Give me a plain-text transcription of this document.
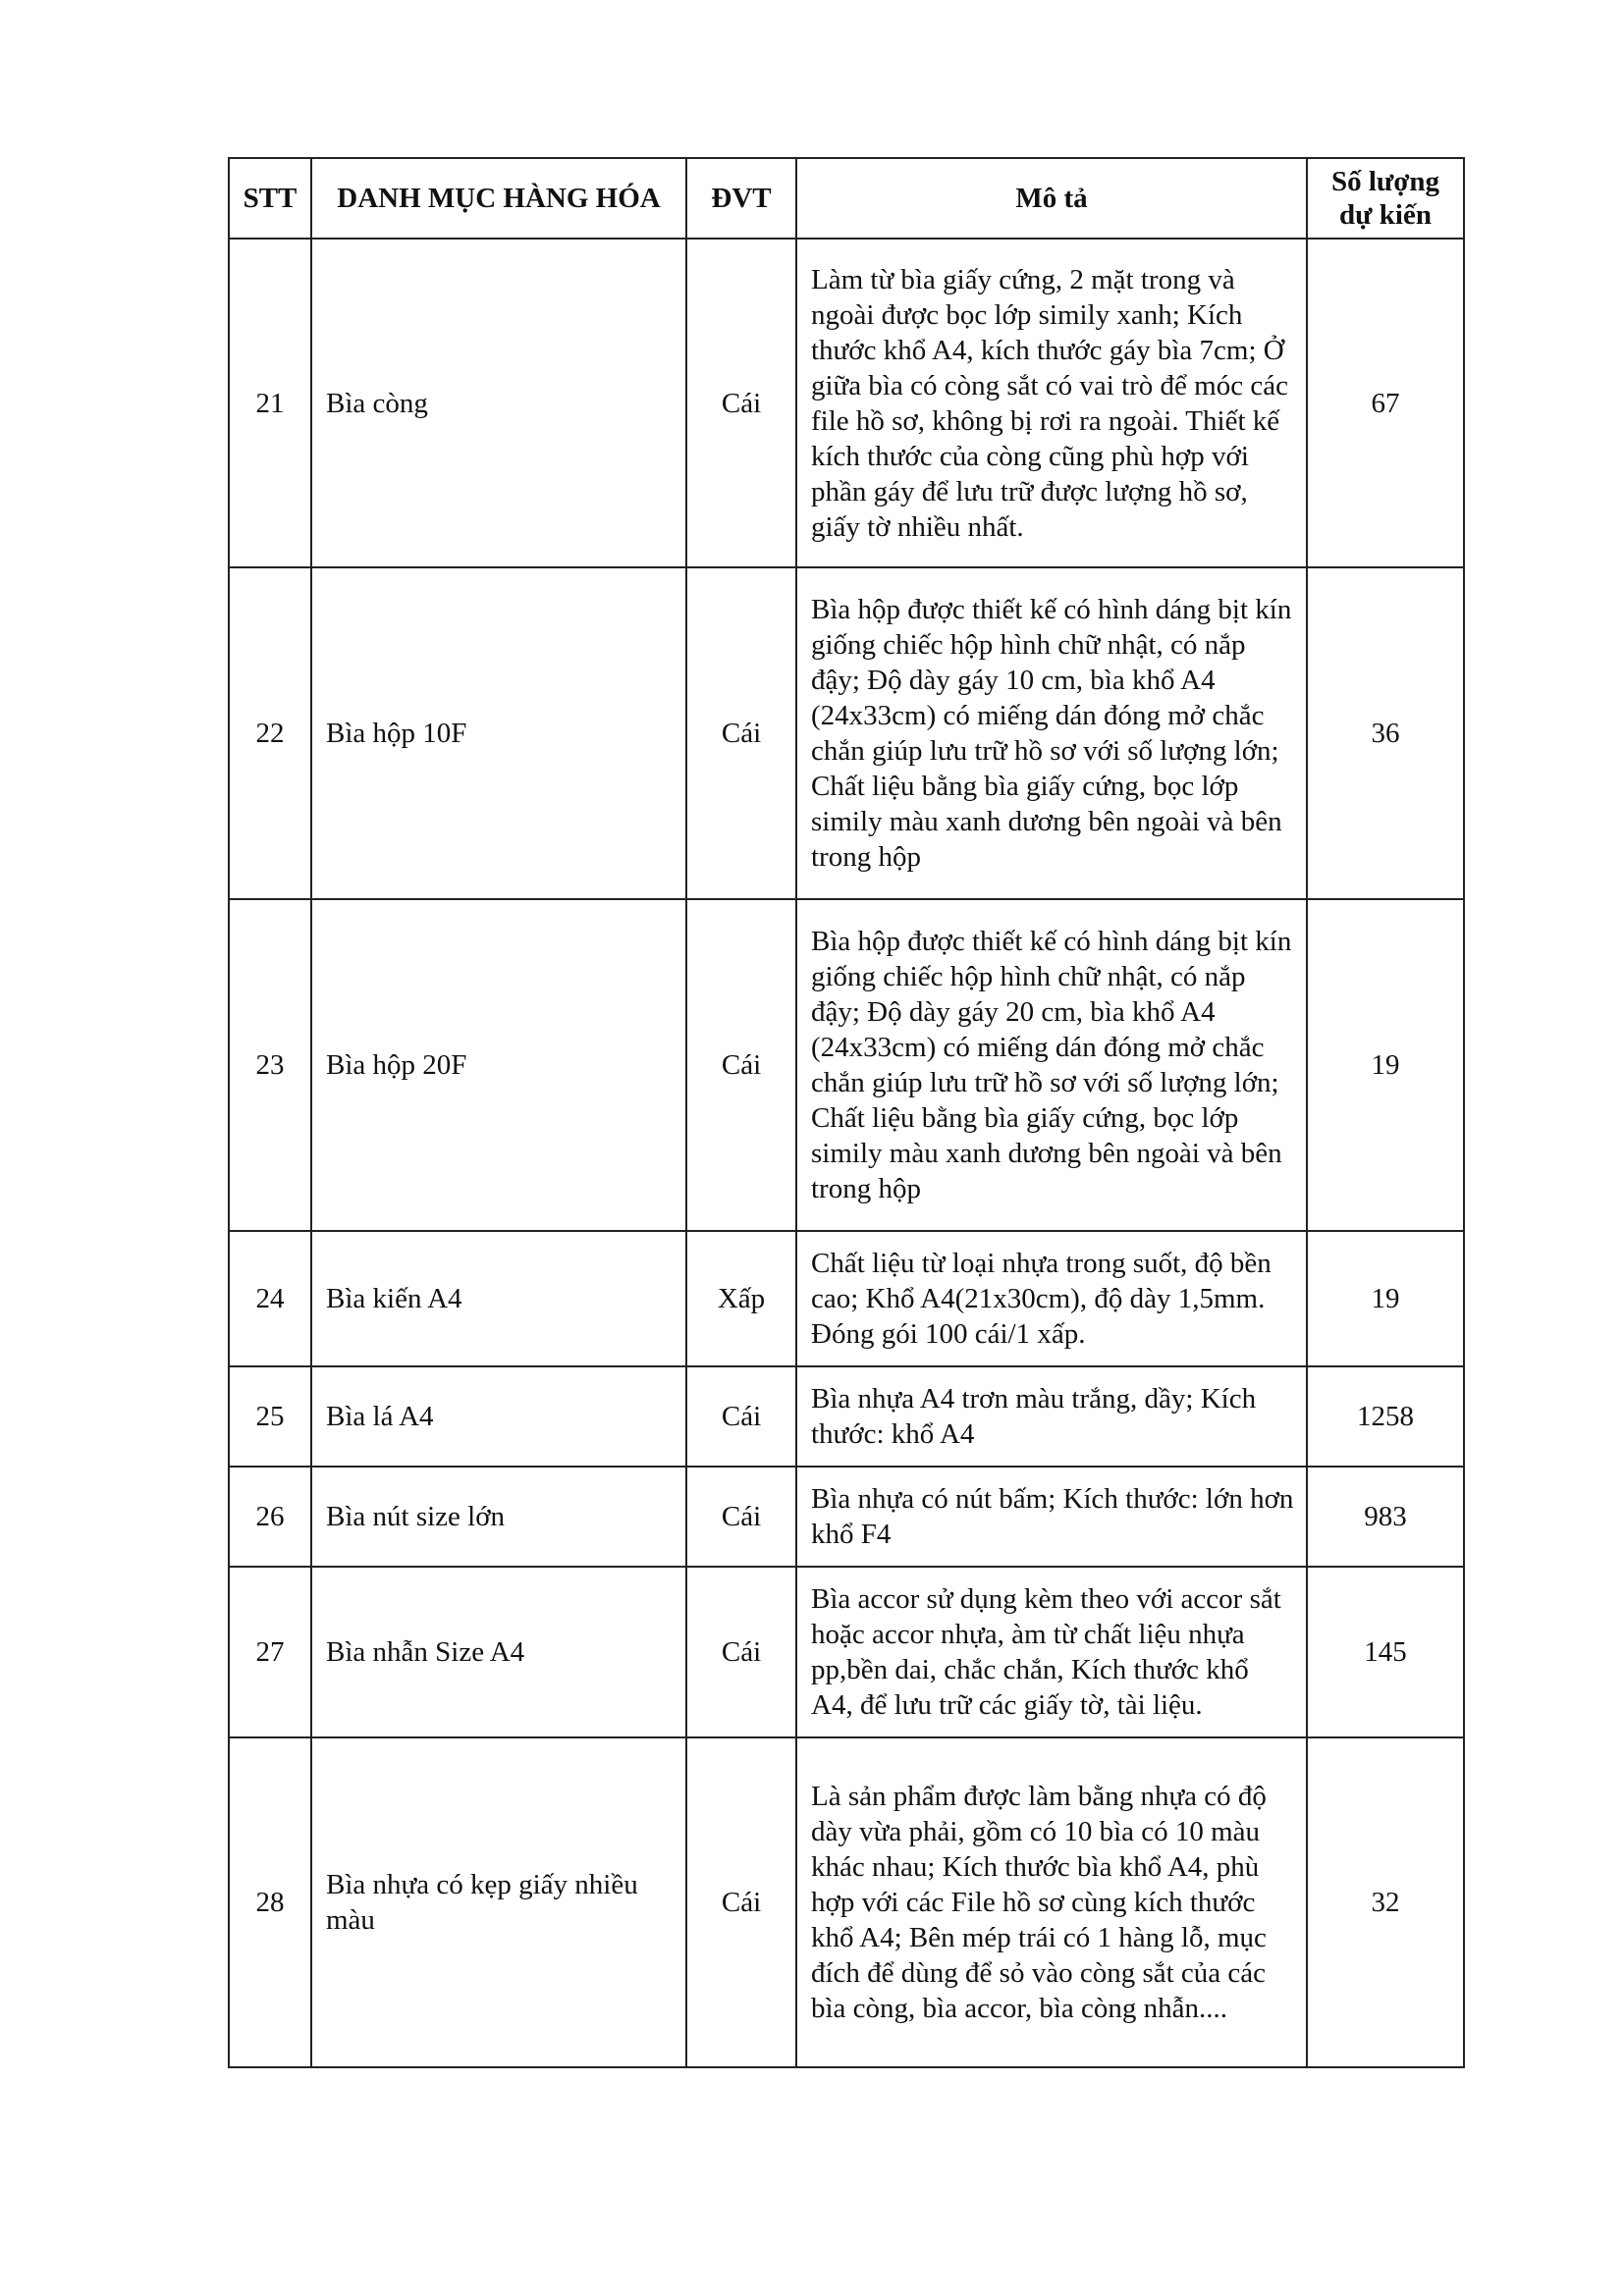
STT	DANH MỤC HÀNG HÓA	ĐVT	Mô tả	Số lượng
dự kiến

21	Bìa còng	Cái	Làm từ bìa giấy cứng, 2 mặt trong và ngoài được bọc lớp simily xanh; Kích thước khổ A4, kích thước gáy bìa 7cm; Ở giữa bìa có còng sắt có vai trò để móc các file hồ sơ, không bị rơi ra ngoài. Thiết kế kích thước của còng cũng phù hợp với phần gáy để lưu trữ được lượng hồ sơ, giấy tờ nhiều nhất.	67
22	Bìa hộp 10F	Cái	Bìa hộp được thiết kế có hình dáng bịt kín giống chiếc hộp hình chữ nhật, có nắp đậy; Độ dày gáy 10 cm, bìa khổ A4 (24x33cm) có miếng dán đóng mở chắc chắn giúp lưu trữ hồ sơ với số lượng lớn; Chất liệu bằng bìa giấy cứng, bọc lớp simily màu xanh dương bên ngoài và bên trong hộp	36
23	Bìa hộp 20F	Cái	Bìa hộp được thiết kế có hình dáng bịt kín giống chiếc hộp hình chữ nhật, có nắp đậy; Độ dày gáy 20 cm, bìa khổ A4 (24x33cm) có miếng dán đóng mở chắc chắn giúp lưu trữ hồ sơ với số lượng lớn; Chất liệu bằng bìa giấy cứng, bọc lớp simily màu xanh dương bên ngoài và bên trong hộp	19
24	Bìa kiến A4	Xấp	Chất liệu từ loại nhựa trong suốt, độ bền cao; Khổ A4(21x30cm), độ dày 1,5mm. Đóng gói 100 cái/1 xấp.	19
25	Bìa lá A4	Cái	Bìa nhựa A4 trơn màu trắng, dầy; Kích thước: khổ A4	1258
26	Bìa nút size lớn	Cái	Bìa nhựa có nút bấm; Kích thước: lớn hơn khổ F4	983
27	Bìa nhẫn Size A4	Cái	Bìa accor sử dụng kèm theo với accor sắt hoặc accor nhựa, àm từ chất liệu nhựa pp,bền dai, chắc chắn, Kích thước khổ A4, để lưu trữ các giấy tờ, tài liệu.	145
28	Bìa nhựa có kẹp giấy nhiều màu	Cái	Là sản phẩm được làm bằng nhựa có độ dày vừa phải, gồm có 10 bìa có 10 màu khác nhau; Kích thước bìa khổ A4, phù hợp với các File hồ sơ cùng kích thước khổ A4; Bên mép trái có 1 hàng lỗ, mục đích để dùng để sỏ vào còng sắt của các bìa còng, bìa accor, bìa còng nhẫn....	32
